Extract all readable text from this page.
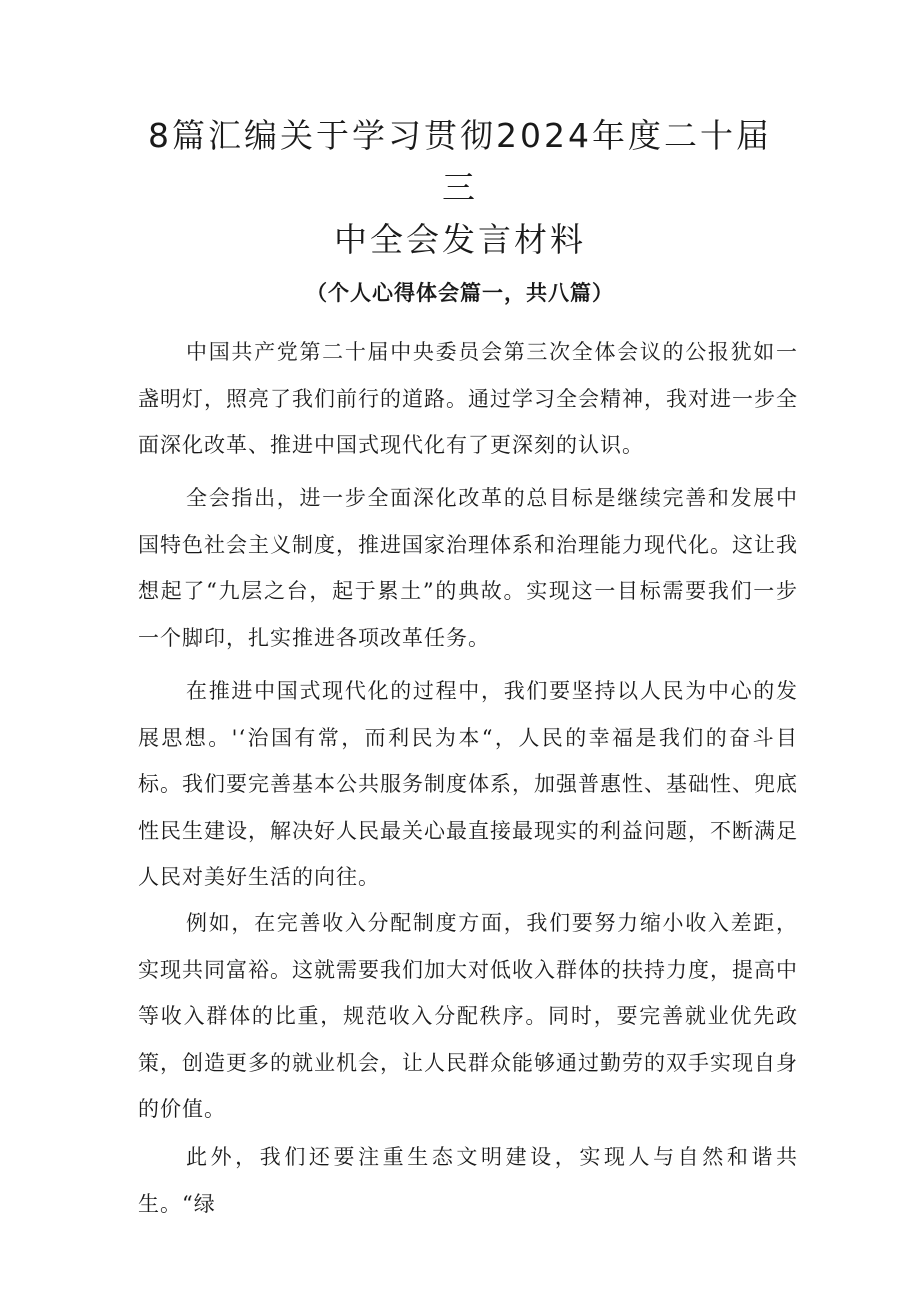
8篇汇编关于学习贯彻2024年度二十届三
中全会发言材料
（个人心得体会篇一，共八篇）

中国共产党第二十届中央委员会第三次全体会议的公报犹如一盏明灯，照亮了我们前行的道路。通过学习全会精神，我对进一步全面深化改革、推进中国式现代化有了更深刻的认识。

全会指出，进一步全面深化改革的总目标是继续完善和发展中国特色社会主义制度，推进国家治理体系和治理能力现代化。这让我想起了“九层之台，起于累土”的典故。实现这一目标需要我们一步一个脚印，扎实推进各项改革任务。

在推进中国式现代化的过程中，我们要坚持以人民为中心的发展思想。'‘治国有常，而利民为本“，人民的幸福是我们的奋斗目标。我们要完善基本公共服务制度体系，加强普惠性、基础性、兜底性民生建设，解决好人民最关心最直接最现实的利益问题，不断满足人民对美好生活的向往。

例如，在完善收入分配制度方面，我们要努力缩小收入差距，实现共同富裕。这就需要我们加大对低收入群体的扶持力度，提高中等收入群体的比重，规范收入分配秩序。同时，要完善就业优先政策，创造更多的就业机会，让人民群众能够通过勤劳的双手实现自身的价值。

此外，我们还要注重生态文明建设，实现人与自然和谐共生。“绿
